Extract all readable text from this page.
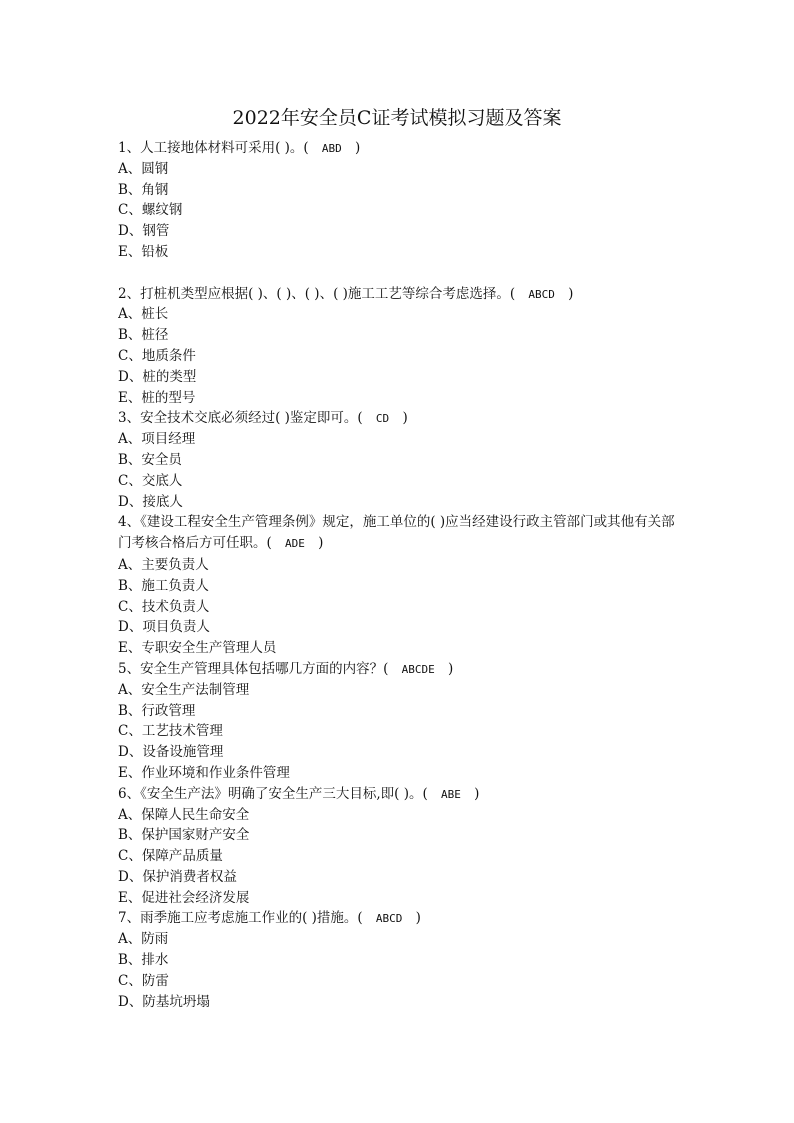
2022年安全员C证考试模拟习题及答案
1、人工接地体材料可采用( )。(  ABD  )
A、圆钢
B、角钢
C、螺纹钢
D、钢管
E、铅板
2、打桩机类型应根据( )、( )、( )、( )施工工艺等综合考虑选择。(  ABCD  )
A、桩长
B、桩径
C、地质条件
D、桩的类型
E、桩的型号
3、安全技术交底必须经过( )鉴定即可。(  CD  )
A、项目经理
B、安全员
C、交底人
D、接底人
4、《建设工程安全生产管理条例》规定，施工单位的( )应当经建设行政主管部门或其他有关部门考核合格后方可任职。(  ADE  )
A、主要负责人
B、施工负责人
C、技术负责人
D、项目负责人
E、专职安全生产管理人员
5、安全生产管理具体包括哪几方面的内容？(  ABCDE  )
A、安全生产法制管理
B、行政管理
C、工艺技术管理
D、设备设施管理
E、作业环境和作业条件管理
6、《安全生产法》明确了安全生产三大目标,即( )。(  ABE  )
A、保障人民生命安全
B、保护国家财产安全
C、保障产品质量
D、保护消费者权益
E、促进社会经济发展
7、雨季施工应考虑施工作业的( )措施。(  ABCD  )
A、防雨
B、排水
C、防雷
D、防基坑坍塌
